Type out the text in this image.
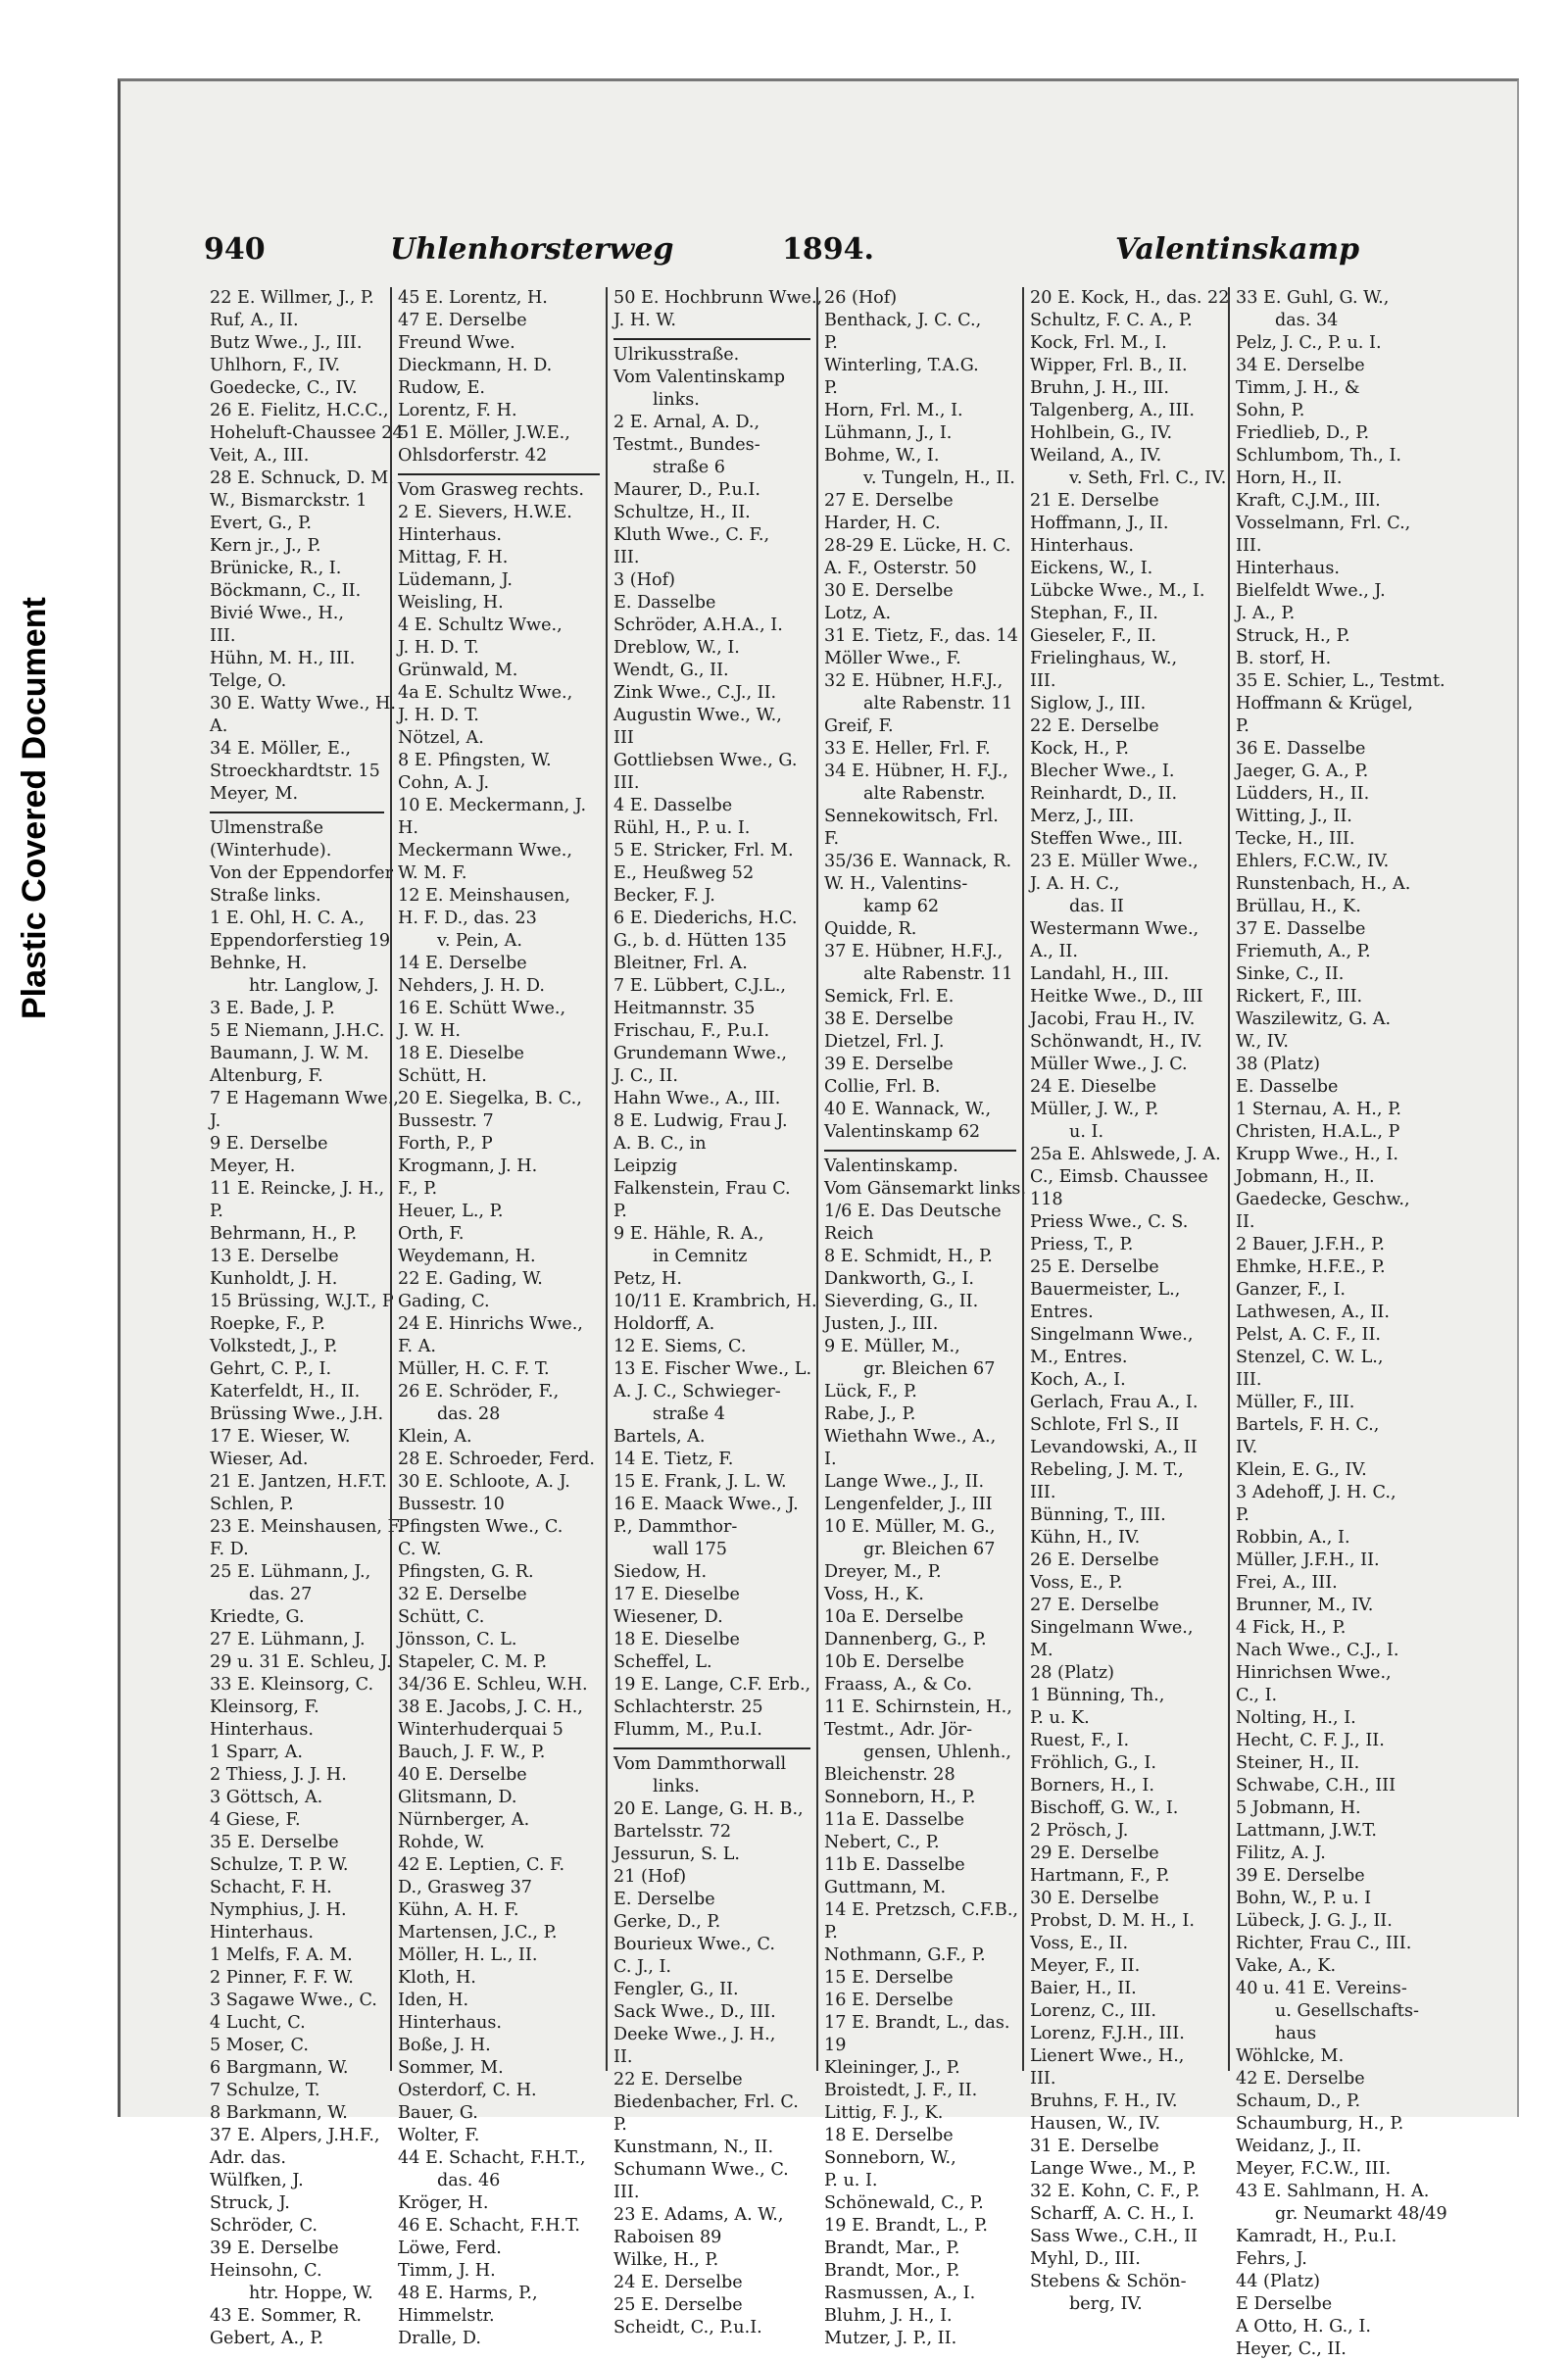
Plastic Covered Document
940	Uhlenhorsterweg	1894.	Valentinskamp
22 E. Willmer, J., P.
Ruf, A., II.
Butz Wwe., J., III.
Uhlhorn, F., IV.
Goedecke, C., IV.
26 E. Fielitz, H.C.C.,
Hoheluft-Chaussee 24
Veit, A., III.
28 E. Schnuck, D. M.
W., Bismarckstr. 1
Evert, G., P.
Kern jr., J., P.
Brünicke, R., I.
Böckmann, C., II.
Bivié Wwe., H.,
III.
Hühn, M. H., III.
Telge, O.
30 E. Watty Wwe., H.
A.
34 E. Möller, E.,
Stroeckhardtstr. 15
Meyer, M.
Ulmenstraße
(Winterhude).
Von der Eppendorfer
Straße links.
1 E. Ohl, H. C. A.,
Eppendorferstieg 19
Behnke, H.
htr. Langlow, J.
3 E. Bade, J. P.
5 E Niemann, J.H.C.
Baumann, J. W. M.
Altenburg, F.
7 E Hagemann Wwe.,
J.
9 E. Derselbe
Meyer, H.
11 E. Reincke, J. H.,
P.
Behrmann, H., P.
13 E. Derselbe
Kunholdt, J. H.
15 Brüssing, W.J.T., P
Roepke, F., P.
Volkstedt, J., P.
Gehrt, C. P., I.
Katerfeldt, H., II.
Brüssing Wwe., J.H.
17 E. Wieser, W.
Wieser, Ad.
21 E. Jantzen, H.F.T.
Schlen, P.
23 E. Meinshausen, F.
F. D.
25 E. Lühmann, J.,
das. 27
Kriedte, G.
27 E. Lühmann, J.
29 u. 31 E. Schleu, J.
33 E. Kleinsorg, C.
Kleinsorg, F.
Hinterhaus.
1 Sparr, A.
2 Thiess, J. J. H.
3 Göttsch, A.
4 Giese, F.
35 E. Derselbe
Schulze, T. P. W.
Schacht, F. H.
Nymphius, J. H.
Hinterhaus.
1 Melfs, F. A. M.
2 Pinner, F. F. W.
3 Sagawe Wwe., C.
4 Lucht, C.
5 Moser, C.
6 Bargmann, W.
7 Schulze, T.
8 Barkmann, W.
37 E. Alpers, J.H.F.,
Adr. das.
Wülfken, J.
Struck, J.
Schröder, C.
39 E. Derselbe
Heinsohn, C.
htr. Hoppe, W.
43 E. Sommer, R.
Gebert, A., P.
45 E. Lorentz, H.
47 E. Derselbe
Freund Wwe.
Dieckmann, H. D.
Rudow, E.
Lorentz, F. H.
51 E. Möller, J.W.E.,
Ohlsdorferstr. 42
Vom Grasweg rechts.
2 E. Sievers, H.W.E.
Hinterhaus.
Mittag, F. H.
Lüdemann, J.
Weisling, H.
4 E. Schultz Wwe.,
J. H. D. T.
Grünwald, M.
4a E. Schultz Wwe.,
J. H. D. T.
Nötzel, A.
8 E. Pfingsten, W.
Cohn, A. J.
10 E. Meckermann, J.
H.
Meckermann Wwe.,
W. M. F.
12 E. Meinshausen,
H. F. D., das. 23
v. Pein, A.
14 E. Derselbe
Nehders, J. H. D.
16 E. Schütt Wwe.,
J. W. H.
18 E. Dieselbe
Schütt, H.
20 E. Siegelka, B. C.,
Bussestr. 7
Forth, P., P
Krogmann, J. H.
F., P.
Heuer, L., P.
Orth, F.
Weydemann, H.
22 E. Gading, W.
Gading, C.
24 E. Hinrichs Wwe.,
F. A.
Müller, H. C. F. T.
26 E. Schröder, F.,
das. 28
Klein, A.
28 E. Schroeder, Ferd.
30 E. Schloote, A. J.
Bussestr. 10
Pfingsten Wwe., C.
C. W.
Pfingsten, G. R.
32 E. Derselbe
Schütt, C.
Jönsson, C. L.
Stapeler, C. M. P.
34/36 E. Schleu, W.H.
38 E. Jacobs, J. C. H.,
Winterhuderquai 5
Bauch, J. F. W., P.
40 E. Derselbe
Glitsmann, D.
Nürnberger, A.
Rohde, W.
42 E. Leptien, C. F.
D., Grasweg 37
Kühn, A. H. F.
Martensen, J.C., P.
Möller, H. L., II.
Kloth, H.
Iden, H.
Hinterhaus.
Boße, J. H.
Sommer, M.
Osterdorf, C. H.
Bauer, G.
Wolter, F.
44 E. Schacht, F.H.T.,
das. 46
Kröger, H.
46 E. Schacht, F.H.T.
Löwe, Ferd.
Timm, J. H.
48 E. Harms, P.,
Himmelstr.
Dralle, D.
50 E. Hochbrunn Wwe.,
J. H. W.
Ulrikusstraße.
Vom Valentinskamp
links.
2 E. Arnal, A. D.,
Testmt., Bundes-
straße 6
Maurer, D., P.u.I.
Schultze, H., II.
Kluth Wwe., C. F.,
III.
3 (Hof)
E. Dasselbe
Schröder, A.H.A., I.
Dreblow, W., I.
Wendt, G., II.
Zink Wwe., C.J., II.
Augustin Wwe., W.,
III
Gottliebsen Wwe., G.
III.
4 E. Dasselbe
Rühl, H., P. u. I.
5 E. Stricker, Frl. M.
E., Heußweg 52
Becker, F. J.
6 E. Diederichs, H.C.
G., b. d. Hütten 135
Bleitner, Frl. A.
7 E. Lübbert, C.J.L.,
Heitmannstr. 35
Frischau, F., P.u.I.
Grundemann Wwe.,
J. C., II.
Hahn Wwe., A., III.
8 E. Ludwig, Frau J.
A. B. C., in
Leipzig
Falkenstein, Frau C.
P.
9 E. Hähle, R. A.,
in Cemnitz
Petz, H.
10/11 E. Krambrich, H.
Holdorff, A.
12 E. Siems, C.
13 E. Fischer Wwe., L.
A. J. C., Schwieger-
straße 4
Bartels, A.
14 E. Tietz, F.
15 E. Frank, J. L. W.
16 E. Maack Wwe., J.
P., Dammthor-
wall 175
Siedow, H.
17 E. Dieselbe
Wiesener, D.
18 E. Dieselbe
Scheffel, L.
19 E. Lange, C.F. Erb.,
Schlachterstr. 25
Flumm, M., P.u.I.
Vom Dammthorwall
links.
20 E. Lange, G. H. B.,
Bartelsstr. 72
Jessurun, S. L.
21 (Hof)
E. Derselbe
Gerke, D., P.
Bourieux Wwe., C.
C. J., I.
Fengler, G., II.
Sack Wwe., D., III.
Deeke Wwe., J. H.,
II.
22 E. Derselbe
Biedenbacher, Frl. C.
P.
Kunstmann, N., II.
Schumann Wwe., C.
III.
23 E. Adams, A. W.,
Raboisen 89
Wilke, H., P.
24 E. Derselbe
25 E. Derselbe
Scheidt, C., P.u.I.
26 (Hof)
Benthack, J. C. C.,
P.
Winterling, T.A.G.
P.
Horn, Frl. M., I.
Lühmann, J., I.
Bohme, W., I.
v. Tungeln, H., II.
27 E. Derselbe
Harder, H. C.
28-29 E. Lücke, H. C.
A. F., Osterstr. 50
30 E. Derselbe
Lotz, A.
31 E. Tietz, F., das. 14
Möller Wwe., F.
32 E. Hübner, H.F.J.,
alte Rabenstr. 11
Greif, F.
33 E. Heller, Frl. F.
34 E. Hübner, H. F.J.,
alte Rabenstr.
Sennekowitsch, Frl.
F.
35/36 E. Wannack, R.
W. H., Valentins-
kamp 62
Quidde, R.
37 E. Hübner, H.F.J.,
alte Rabenstr. 11
Semick, Frl. E.
38 E. Derselbe
Dietzel, Frl. J.
39 E. Derselbe
Collie, Frl. B.
40 E. Wannack, W.,
Valentinskamp 62
Valentinskamp.
Vom Gänsemarkt links.
1/6 E. Das Deutsche
Reich
8 E. Schmidt, H., P.
Dankworth, G., I.
Sieverding, G., II.
Justen, J., III.
9 E. Müller, M.,
gr. Bleichen 67
Lück, F., P.
Rabe, J., P.
Wiethahn Wwe., A.,
I.
Lange Wwe., J., II.
Lengenfelder, J., III
10 E. Müller, M. G.,
gr. Bleichen 67
Dreyer, M., P.
Voss, H., K.
10a E. Derselbe
Dannenberg, G., P.
10b E. Derselbe
Fraass, A., & Co.
11 E. Schirnstein, H.,
Testmt., Adr. Jör-
gensen, Uhlenh.,
Bleichenstr. 28
Sonneborn, H., P.
11a E. Dasselbe
Nebert, C., P.
11b E. Dasselbe
Guttmann, M.
14 E. Pretzsch, C.F.B.,
P.
Nothmann, G.F., P.
15 E. Derselbe
16 E. Derselbe
17 E. Brandt, L., das.
19
Kleininger, J., P.
Broistedt, J. F., II.
Littig, F. J., K.
18 E. Derselbe
Sonneborn, W.,
P. u. I.
Schönewald, C., P.
19 E. Brandt, L., P.
Brandt, Mar., P.
Brandt, Mor., P.
Rasmussen, A., I.
Bluhm, J. H., I.
Mutzer, J. P., II.
20 E. Kock, H., das. 22
Schultz, F. C. A., P.
Kock, Frl. M., I.
Wipper, Frl. B., II.
Bruhn, J. H., III.
Talgenberg, A., III.
Hohlbein, G., IV.
Weiland, A., IV.
v. Seth, Frl. C., IV.
21 E. Derselbe
Hoffmann, J., II.
Hinterhaus.
Eickens, W., I.
Lübcke Wwe., M., I.
Stephan, F., II.
Gieseler, F., II.
Frielinghaus, W.,
III.
Siglow, J., III.
22 E. Derselbe
Kock, H., P.
Blecher Wwe., I.
Reinhardt, D., II.
Merz, J., III.
Steffen Wwe., III.
23 E. Müller Wwe.,
J. A. H. C.,
das. II
Westermann Wwe.,
A., II.
Landahl, H., III.
Heitke Wwe., D., III
Jacobi, Frau H., IV.
Schönwandt, H., IV.
Müller Wwe., J. C.
24 E. Dieselbe
Müller, J. W., P.
u. I.
25a E. Ahlswede, J. A.
C., Eimsb. Chaussee
118
Priess Wwe., C. S.
Priess, T., P.
25 E. Derselbe
Bauermeister, L.,
Entres.
Singelmann Wwe.,
M., Entres.
Koch, A., I.
Gerlach, Frau A., I.
Schlote, Frl S., II
Levandowski, A., II
Rebeling, J. M. T.,
III.
Bünning, T., III.
Kühn, H., IV.
26 E. Derselbe
Voss, E., P.
27 E. Derselbe
Singelmann Wwe.,
M.
28 (Platz)
1 Bünning, Th.,
P. u. K.
Ruest, F., I.
Fröhlich, G., I.
Borners, H., I.
Bischoff, G. W., I.
2 Prösch, J.
29 E. Derselbe
Hartmann, F., P.
30 E. Derselbe
Probst, D. M. H., I.
Voss, E., II.
Meyer, F., II.
Baier, H., II.
Lorenz, C., III.
Lorenz, F.J.H., III.
Lienert Wwe., H.,
III.
Bruhns, F. H., IV.
Hausen, W., IV.
31 E. Derselbe
Lange Wwe., M., P.
32 E. Kohn, C. F., P.
Scharff, A. C. H., I.
Sass Wwe., C.H., II
Myhl, D., III.
Stebens & Schön-
berg, IV.
33 E. Guhl, G. W.,
das. 34
Pelz, J. C., P. u. I.
34 E. Derselbe
Timm, J. H., &
Sohn, P.
Friedlieb, D., P.
Schlumbom, Th., I.
Horn, H., II.
Kraft, C.J.M., III.
Vosselmann, Frl. C.,
III.
Hinterhaus.
Bielfeldt Wwe., J.
J. A., P.
Struck, H., P.
B. storf, H.
35 E. Schier, L., Testmt.
Hoffmann & Krügel,
P.
36 E. Dasselbe
Jaeger, G. A., P.
Lüdders, H., II.
Witting, J., II.
Tecke, H., III.
Ehlers, F.C.W., IV.
Runstenbach, H., A.
Brüllau, H., K.
37 E. Dasselbe
Friemuth, A., P.
Sinke, C., II.
Rickert, F., III.
Waszilewitz, G. A.
W., IV.
38 (Platz)
E. Dasselbe
1 Sternau, A. H., P.
Christen, H.A.L., P
Krupp Wwe., H., I.
Jobmann, H., II.
Gaedecke, Geschw.,
II.
2 Bauer, J.F.H., P.
Ehmke, H.F.E., P.
Ganzer, F., I.
Lathwesen, A., II.
Pelst, A. C. F., II.
Stenzel, C. W. L.,
III.
Müller, F., III.
Bartels, F. H. C.,
IV.
Klein, E. G., IV.
3 Adehoff, J. H. C.,
P.
Robbin, A., I.
Müller, J.F.H., II.
Frei, A., III.
Brunner, M., IV.
4 Fick, H., P.
Nach Wwe., C.J., I.
Hinrichsen Wwe.,
C., I.
Nolting, H., I.
Hecht, C. F. J., II.
Steiner, H., II.
Schwabe, C.H., III
5 Jobmann, H.
Lattmann, J.W.T.
Filitz, A. J.
39 E. Derselbe
Bohn, W., P. u. I
Lübeck, J. G. J., II.
Richter, Frau C., III.
Vake, A., K.
40 u. 41 E. Vereins-
u. Gesellschafts-
haus
Wöhlcke, M.
42 E. Derselbe
Schaum, D., P.
Schaumburg, H., P.
Weidanz, J., II.
Meyer, F.C.W., III.
43 E. Sahlmann, H. A.
gr. Neumarkt 48/49
Kamradt, H., P.u.I.
Fehrs, J.
44 (Platz)
E Derselbe
A Otto, H. G., I.
Heyer, C., II.
